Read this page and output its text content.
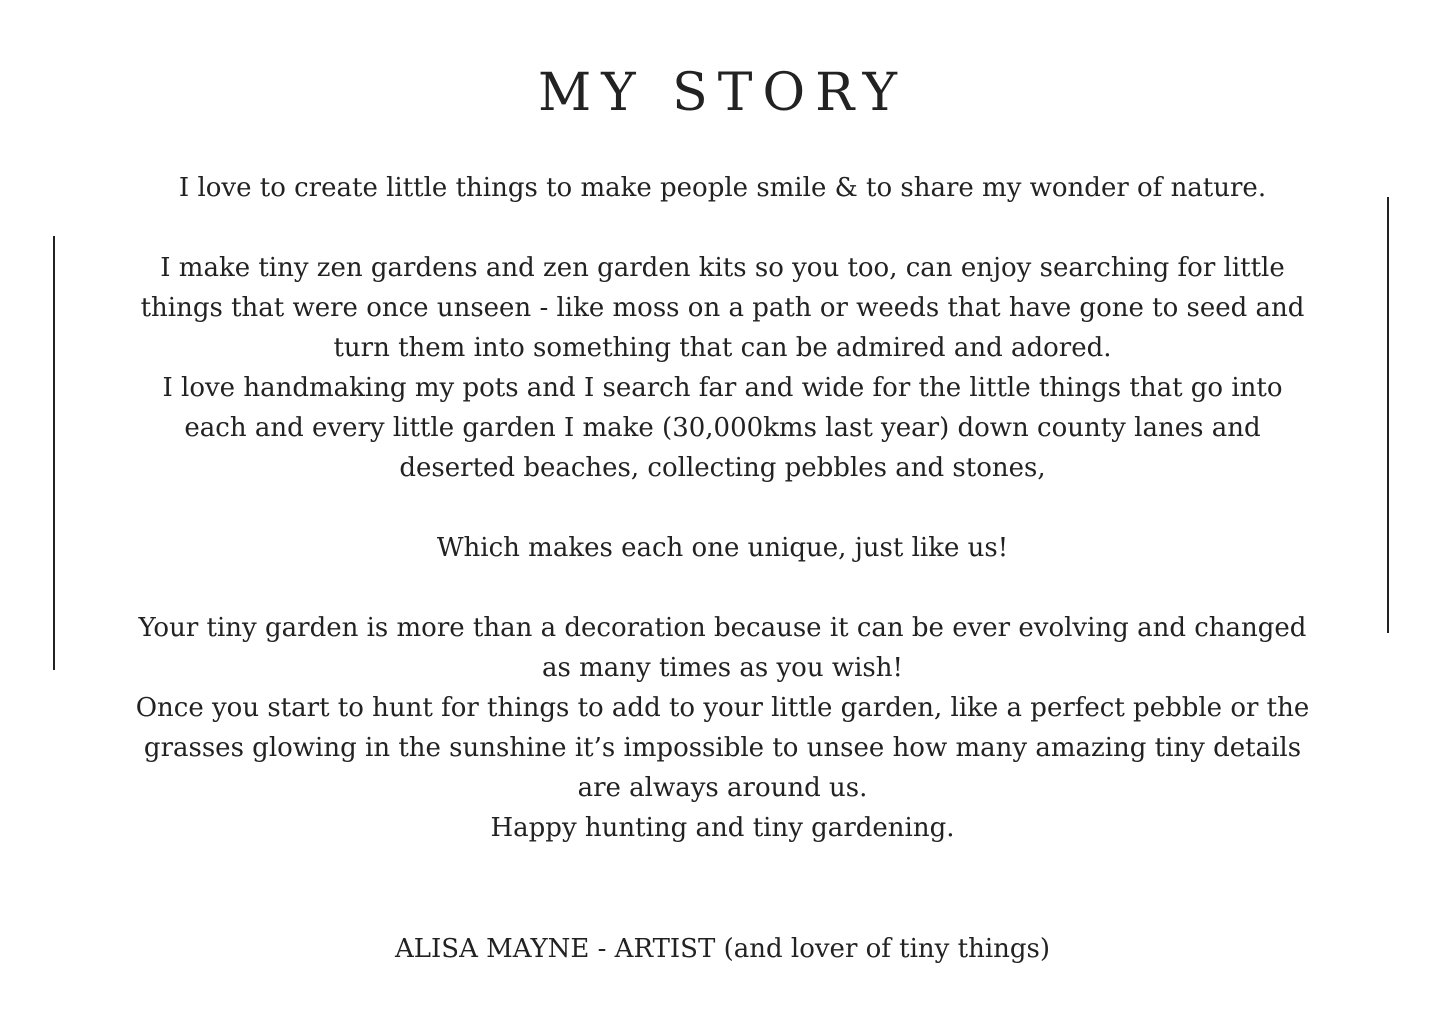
MY STORY

I love to create little things to make people smile & to share my wonder of nature.

I make tiny zen gardens and zen garden kits so you too, can enjoy searching for little
things that were once unseen - like moss on a path or weeds that have gone to seed and
turn them into something that can be admired and adored.
I love handmaking my pots and I search far and wide for the little things that go into
each and every little garden I make (30,000kms last year) down county lanes and
deserted beaches, collecting pebbles and stones,

Which makes each one unique, just like us!

Your tiny garden is more than a decoration because it can be ever evolving and changed
as many times as you wish!
Once you start to hunt for things to add to your little garden, like a perfect pebble or the
grasses glowing in the sunshine it’s impossible to unsee how many amazing tiny details
are always around us.
Happy hunting and tiny gardening.

ALISA MAYNE - ARTIST (and lover of tiny things)
